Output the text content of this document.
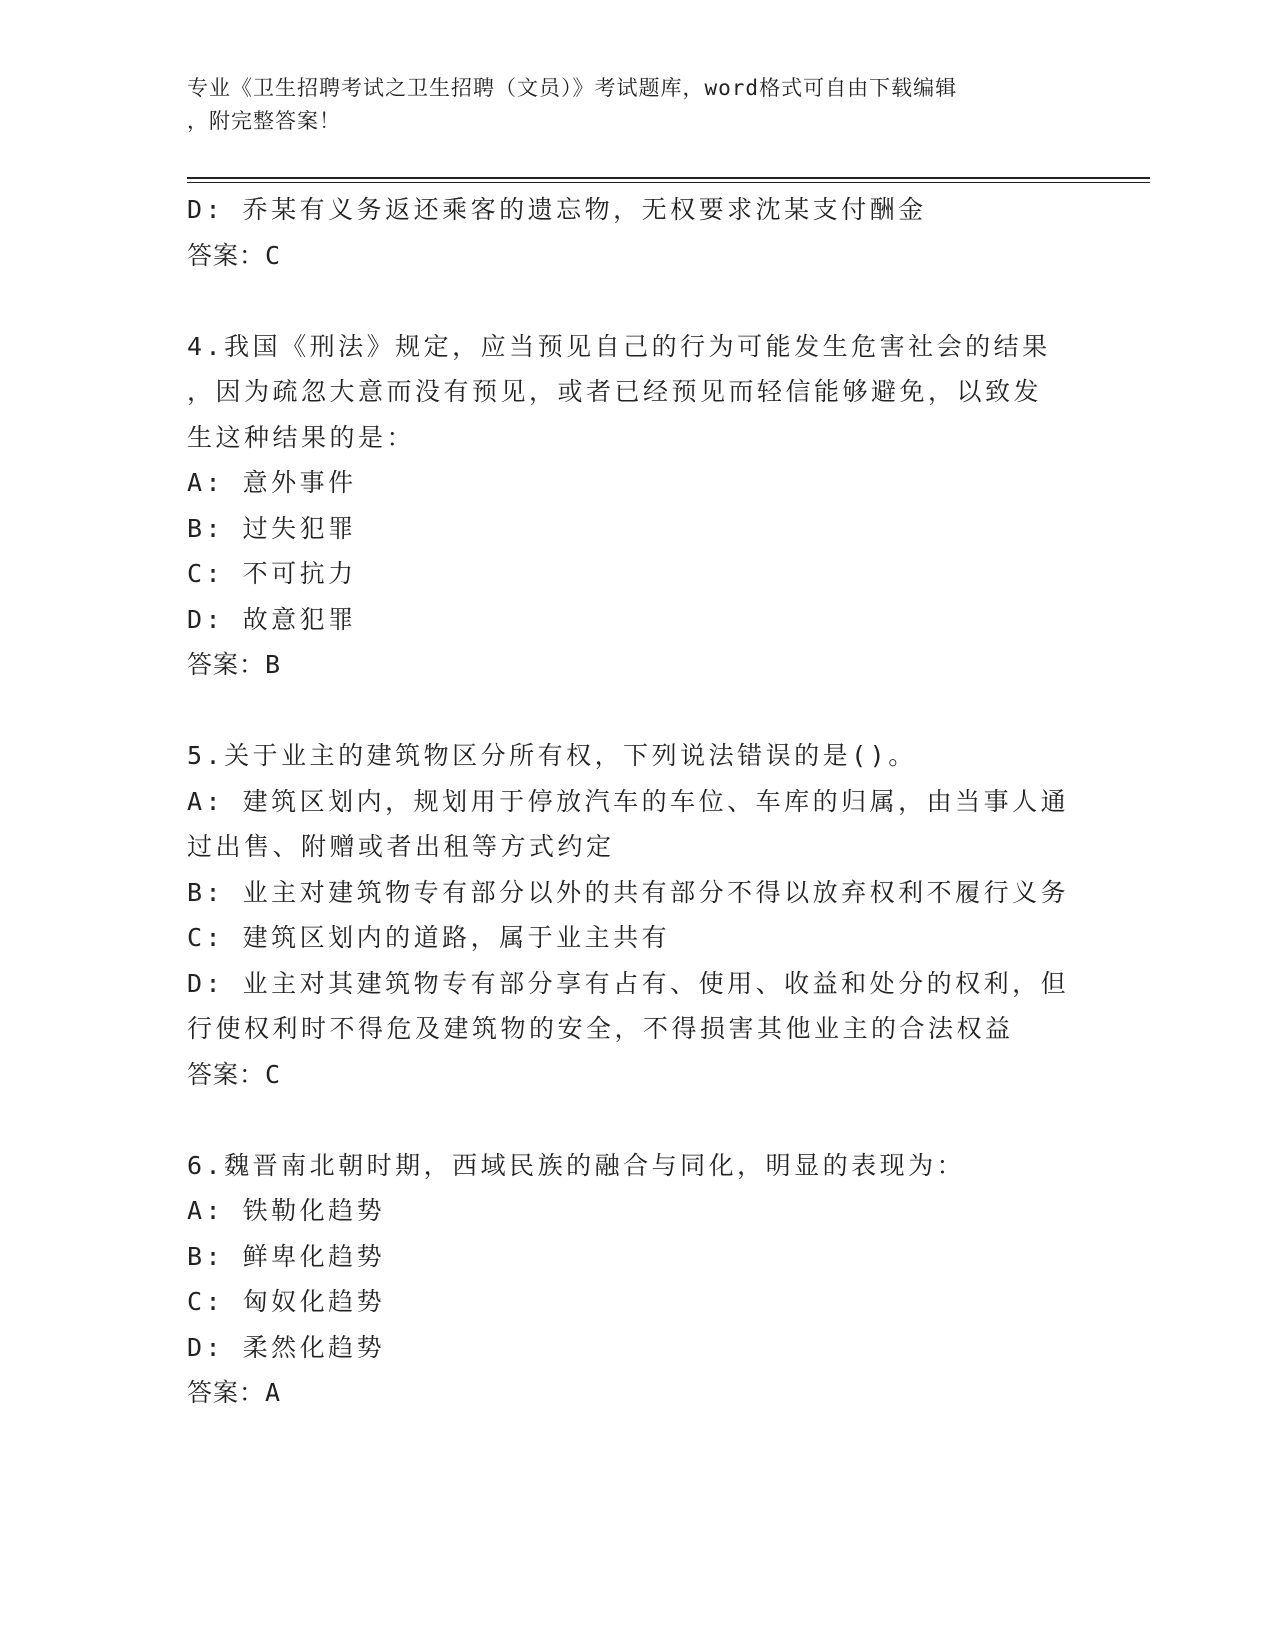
专业《卫生招聘考试之卫生招聘（文员）》考试题库，word格式可自由下载编辑
，附完整答案！
D: 乔某有义务返还乘客的遗忘物，无权要求沈某支付酬金
答案：C
4.我国《刑法》规定，应当预见自己的行为可能发生危害社会的结果
，因为疏忽大意而没有预见，或者已经预见而轻信能够避免，以致发
生这种结果的是：
A: 意外事件
B: 过失犯罪
C: 不可抗力
D: 故意犯罪
答案：B
5.关于业主的建筑物区分所有权，下列说法错误的是()。
A: 建筑区划内，规划用于停放汽车的车位、车库的归属，由当事人通
过出售、附赠或者出租等方式约定
B: 业主对建筑物专有部分以外的共有部分不得以放弃权利不履行义务
C: 建筑区划内的道路，属于业主共有
D: 业主对其建筑物专有部分享有占有、使用、收益和处分的权利，但
行使权利时不得危及建筑物的安全，不得损害其他业主的合法权益
答案：C
6.魏晋南北朝时期，西域民族的融合与同化，明显的表现为：
A: 铁勒化趋势
B: 鲜卑化趋势
C: 匈奴化趋势
D: 柔然化趋势
答案：A
